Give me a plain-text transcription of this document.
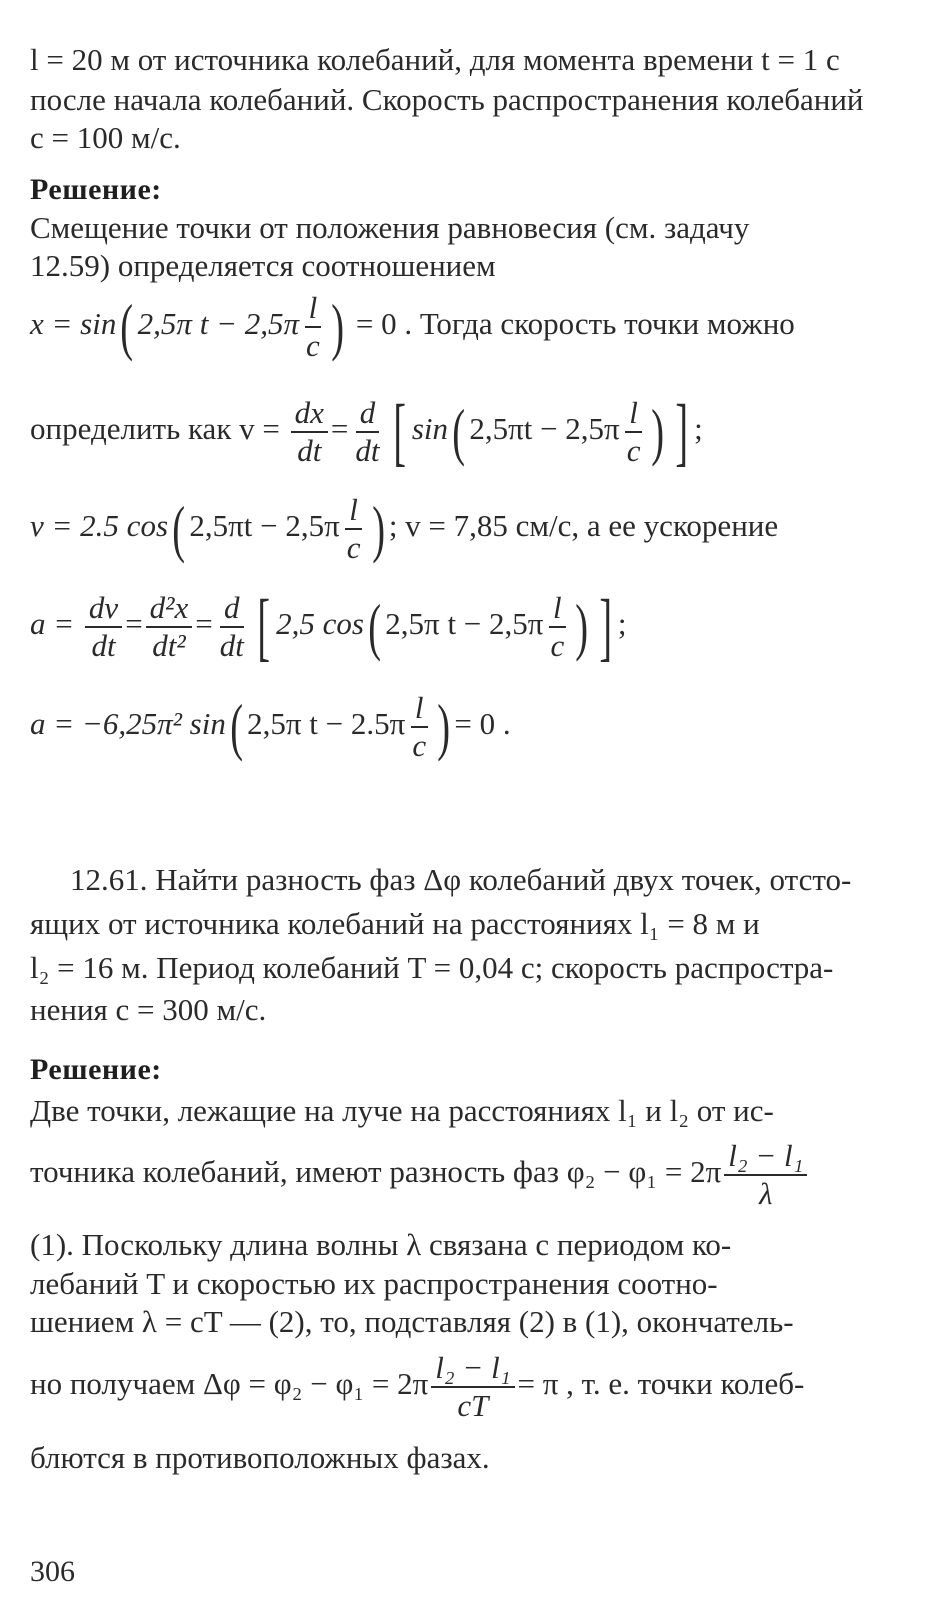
l = 20 м от источника колебаний, для момента времени t = 1 с
после начала колебаний. Скорость распространения колебаний
c = 100 м/с.
Решение:
Смещение точки от положения равновесия (см. задачу
12.59) определяется соотношением
x = sin( 2,5π $t - 2,5\pi \frac{l}{c}$ ) = 0 . Тогда скорость точки можно
определить как $v = \frac{dx}{dt} = \frac{d}{dt}$ [ sin( $2,5\pi t - 2,5\pi \frac{l}{c}$ ) ] ;
v = 2.5 cos( $2,5\pi t - 2,5\pi \frac{l}{c}$ ) ; v = 7,85 см/с, а ее ускорение
$a = \frac{dv}{dt} = \frac{\text{d²x}}{\text{dt²}} = \frac{d}{dt}$ [ 2,5 cos( 2,5π $t - 2,5\pi \frac{l}{c}$ ) ] ;
a = −6,25π² sin( 2,5π $t - 2.5\pi \frac{l}{c}$ ) = 0 .
12.61. Найти разность фаз Δφ колебаний двух точек, отсто-
ящих от источника колебаний на расстояниях l₁ = 8 м и
l₂ = 16 м. Период колебаний T = 0,04 с; скорость распростра-
нения c = 300 м/с.
Решение:
Две точки, лежащие на луче на расстояниях l₁ и l₂ от ис-
точника колебаний, имеют разность фаз $\varphi_2 - \varphi_1 = 2\pi \frac{\text{l₂ − l₁}}{\lambda}$
(1). Поскольку длина волны λ связана с периодом ко-
лебаний T и скоростью их распространения соотно-
шением λ = cT — (2), то, подставляя (2) в (1), окончатель-
но получаем $\Delta\varphi = \varphi_2 - \varphi_1 = 2\pi \frac{\text{l₂ − l₁}}{cT} = \pi$ , т. е. точки колеб-
блются в противоположных фазах.
306
